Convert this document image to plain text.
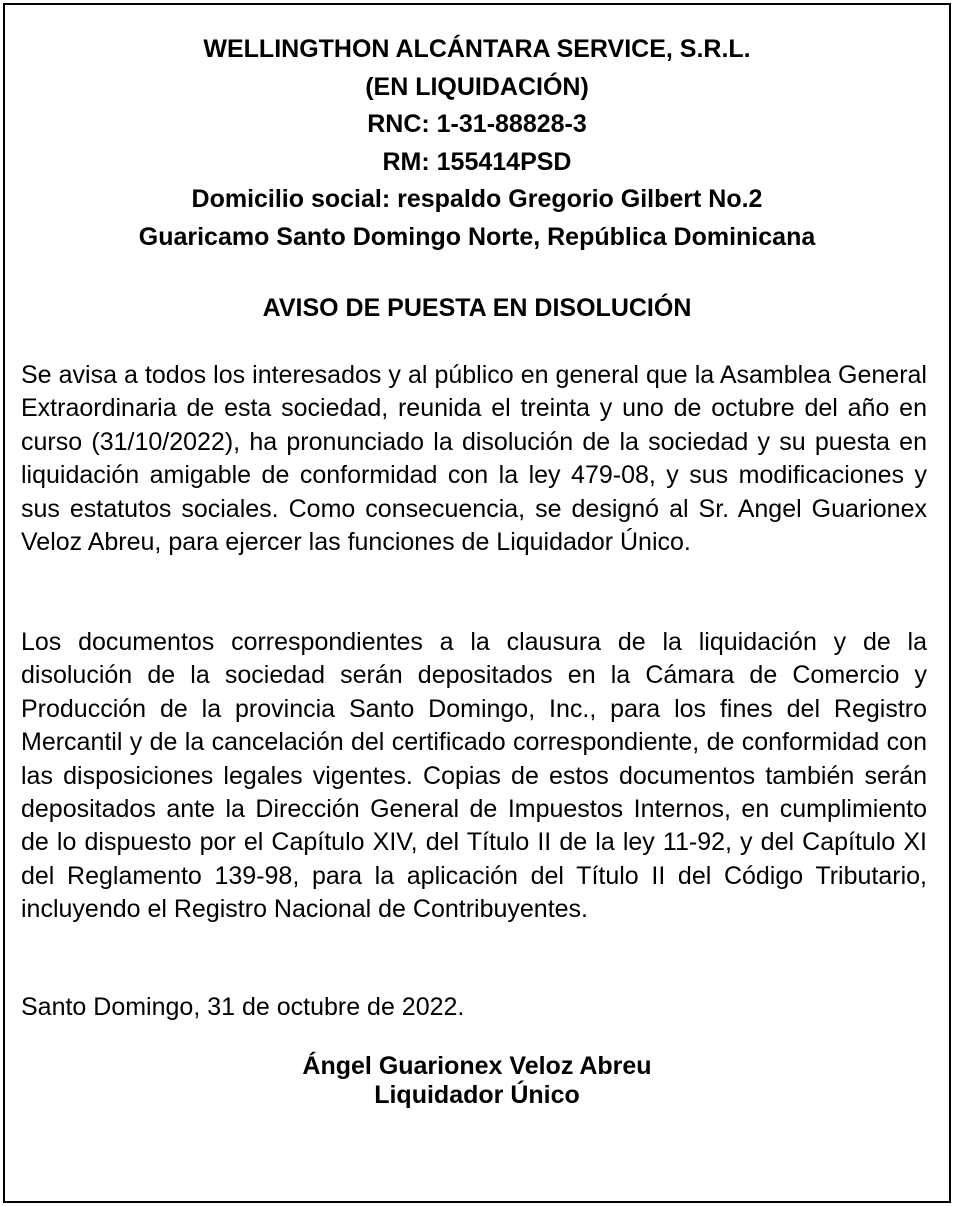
WELLINGTHON ALCÁNTARA SERVICE, S.R.L.
(EN LIQUIDACIÓN)
RNC: 1-31-88828-3
RM: 155414PSD
Domicilio social: respaldo Gregorio Gilbert No.2
Guaricamo Santo Domingo Norte, República Dominicana
AVISO DE PUESTA EN DISOLUCIÓN
Se avisa a todos los interesados y al público en general que la Asamblea General Extraordinaria de esta sociedad, reunida el treinta y uno de octubre del año en curso (31/10/2022), ha pronunciado la disolución de la sociedad y su puesta en liquidación amigable de conformidad con la ley 479-08, y sus modificaciones y sus estatutos sociales. Como consecuencia, se designó al Sr. Angel Guarionex Veloz Abreu, para ejercer las funciones de Liquidador Único.
Los documentos correspondientes a la clausura de la liquidación y de la disolución de la sociedad serán depositados en la Cámara de Comercio y Producción de la provincia Santo Domingo, Inc., para los fines del Registro Mercantil y de la cancelación del certificado correspondiente, de conformidad con las disposiciones legales vigentes. Copias de estos documentos también serán depositados ante la Dirección General de Impuestos Internos, en cumplimiento de lo dispuesto por el Capítulo XIV, del Título II de la ley 11-92, y del Capítulo XI del Reglamento 139-98, para la aplicación del Título II del Código Tributario, incluyendo el Registro Nacional de Contribuyentes.
Santo Domingo, 31 de octubre de 2022.
Ángel Guarionex Veloz Abreu
Liquidador Único
